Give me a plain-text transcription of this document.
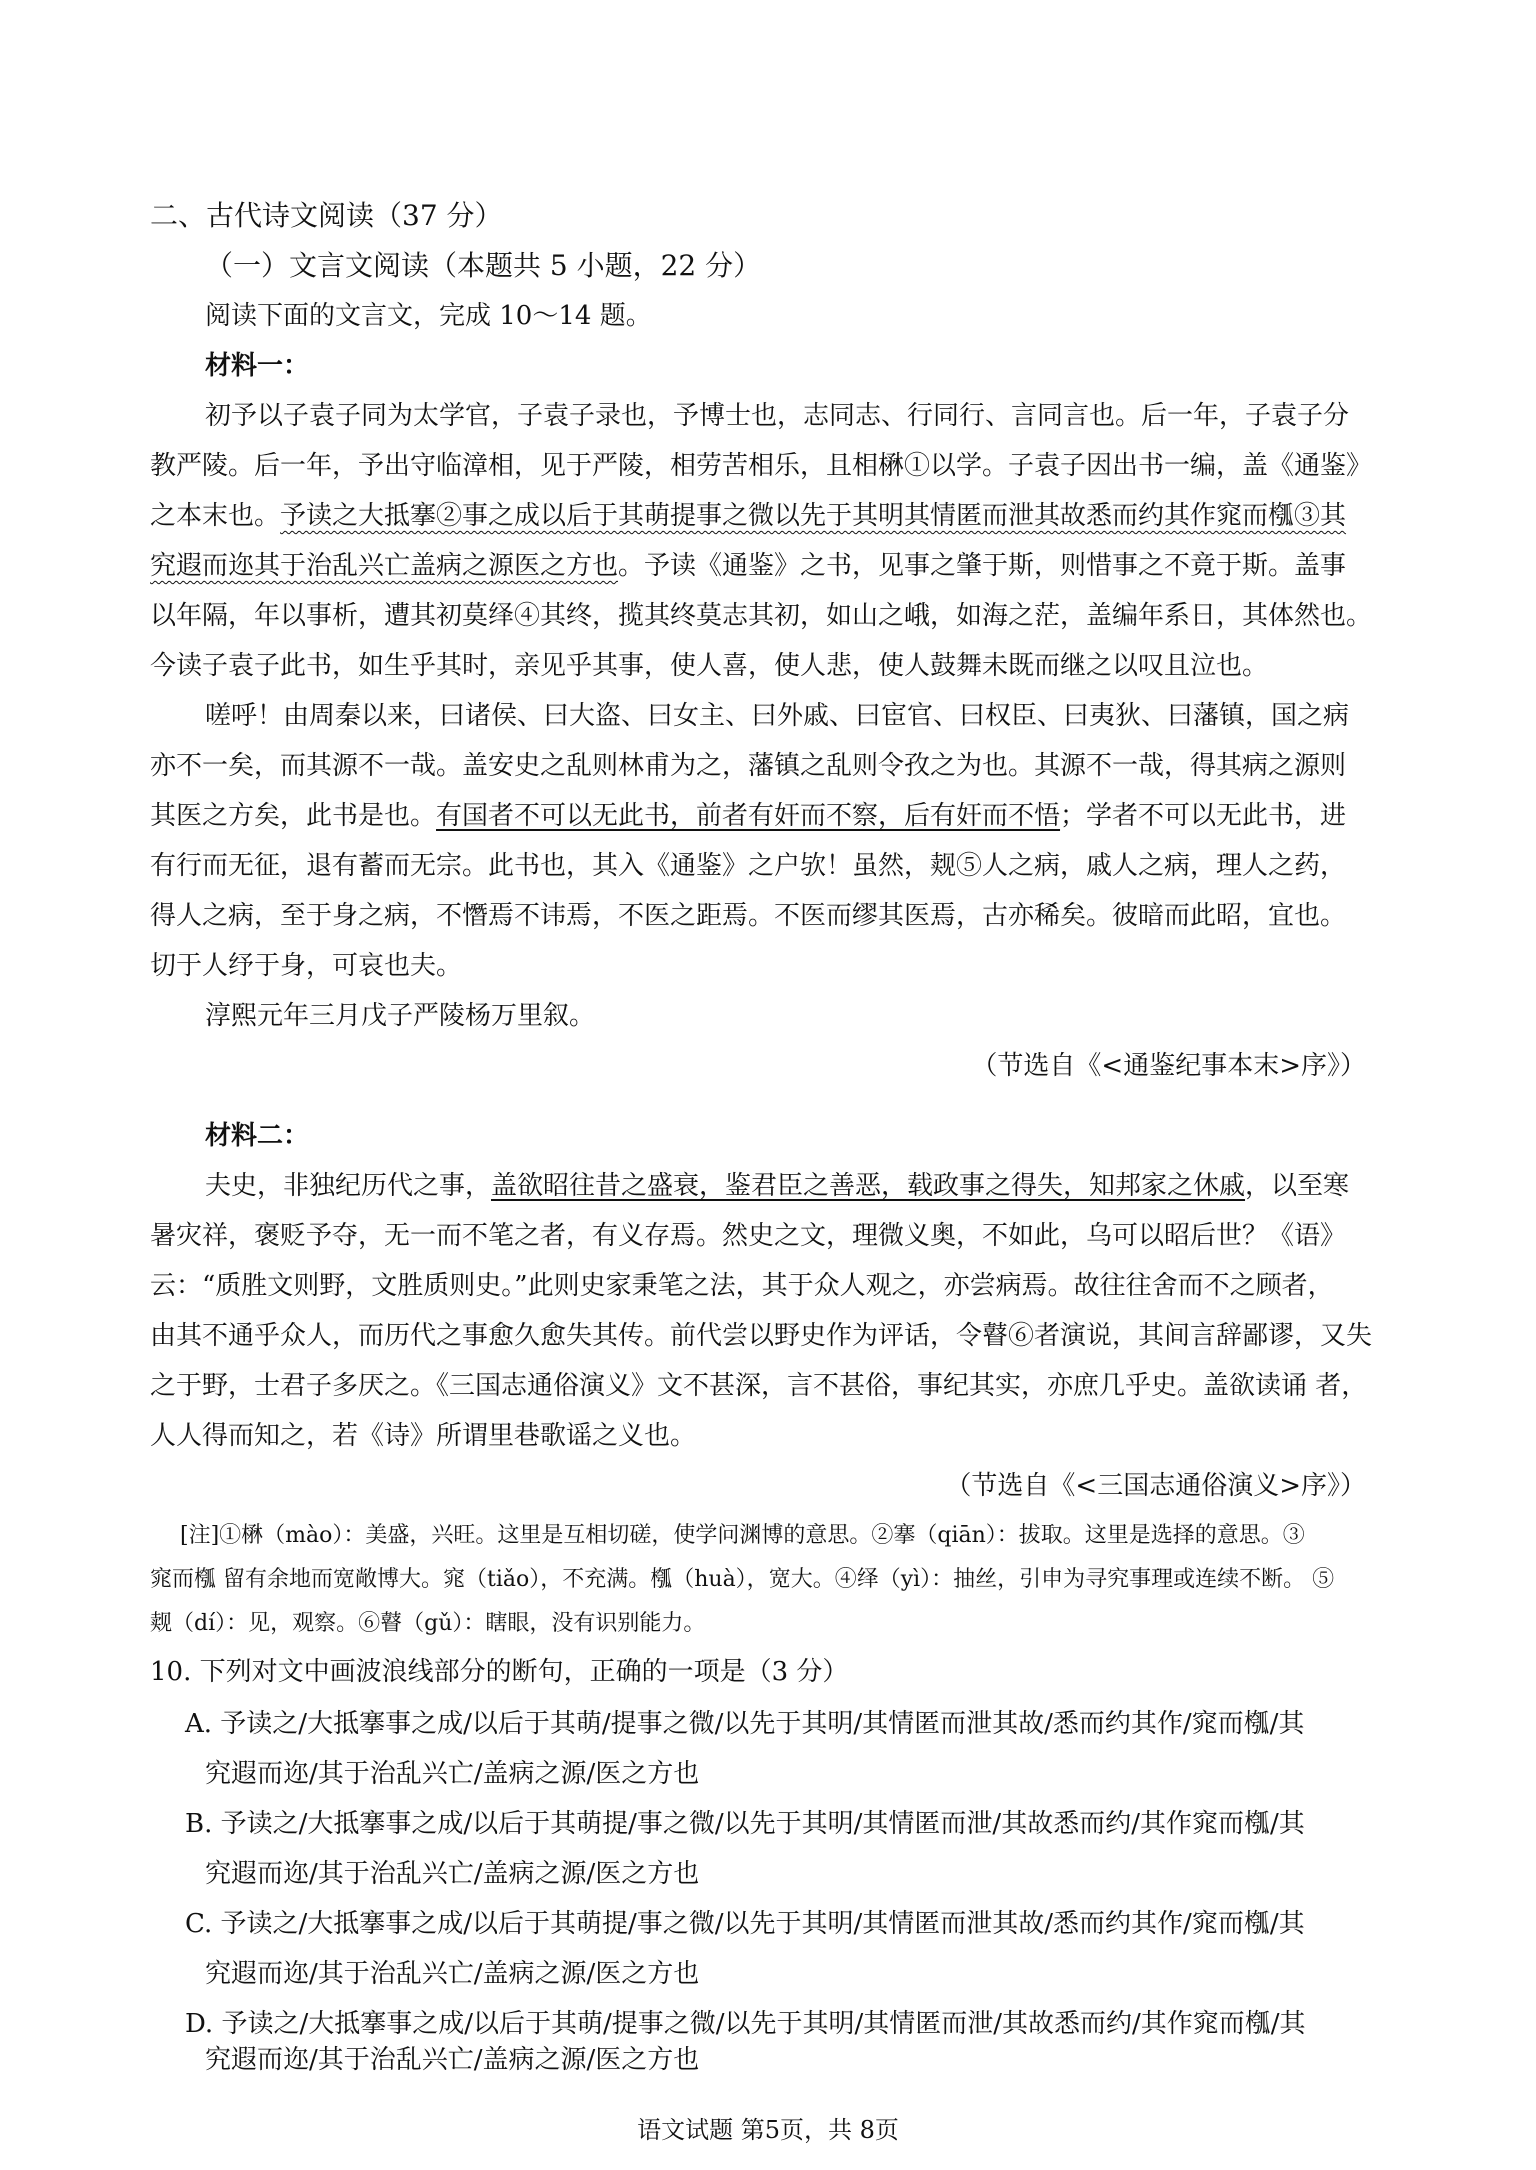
二、古代诗文阅读（37 分）
（一）文言文阅读（本题共 5 小题，22 分）
阅读下面的文言文，完成 10～14 题。
材料一：
初予以子袁子同为太学官，子袁子录也，予博士也，志同志、行同行、言同言也。后一年，子袁子分
教严陵。后一年，予出守临漳相，见于严陵，相劳苦相乐，且相楙①以学。子袁子因出书一编，盖《通鉴》
之本末也。予读之大抵搴②事之成以后于其萌提事之微以先于其明其情匿而泄其故悉而约其作窕而槬③其
究遐而迩其于治乱兴亡盖病之源医之方也。予读《通鉴》之书，见事之肇于斯，则惜事之不竟于斯。盖事
以年隔，年以事析，遭其初莫绎④其终，揽其终莫志其初，如山之峨，如海之茫，盖编年系日，其体然也。
今读子袁子此书，如生乎其时，亲见乎其事，使人喜，使人悲，使人鼓舞未既而继之以叹且泣也。
嗟呼！由周秦以来，曰诸侯、曰大盗、曰女主、曰外戚、曰宦官、曰权臣、曰夷狄、曰藩镇，国之病
亦不一矣，而其源不一哉。盖安史之乱则林甫为之，藩镇之乱则令孜之为也。其源不一哉，得其病之源则
其医之方矣，此书是也。有国者不可以无此书，前者有奸而不察，后有奸而不悟；学者不可以无此书，进
有行而无征，退有蓄而无宗。此书也，其入《通鉴》之户欤！虽然，觌⑤人之病，戚人之病，理人之药，
得人之病，至于身之病，不憯焉不讳焉，不医之距焉。不医而缪其医焉，古亦稀矣。彼暗而此昭，宜也。
切于人纾于身，可哀也夫。
淳熙元年三月戊子严陵杨万里叙。
（节选自《<通鉴纪事本末>序》）
材料二：
夫史，非独纪历代之事，盖欲昭往昔之盛衰，鉴君臣之善恶，载政事之得失，知邦家之休戚，以至寒
暑灾祥，褒贬予夺，无一而不笔之者，有义存焉。然史之文，理微义奥，不如此，乌可以昭后世？《语》
云：“质胜文则野，文胜质则史。”此则史家秉笔之法，其于众人观之，亦尝病焉。故往往舍而不之顾者，
由其不通乎众人，而历代之事愈久愈失其传。前代尝以野史作为评话，令瞽⑥者演说，其间言辞鄙谬，又失
之于野，士君子多厌之。《三国志通俗演义》文不甚深，言不甚俗，事纪其实，亦庶几乎史。盖欲读诵 者，
人人得而知之，若《诗》所谓里巷歌谣之义也。
（节选自《<三国志通俗演义>序》）
[注]①楙（mào）：美盛，兴旺。这里是互相切磋，使学问渊博的意思。②搴（qiān）：拔取。这里是选择的意思。③
窕而槬 留有余地而宽敞博大。窕（tiǎo），不充满。槬（huà），宽大。④绎（yì）：抽丝，引申为寻究事理或连续不断。 ⑤
觌（dí）：见，观察。⑥瞽（gǔ）：瞎眼，没有识别能力。
10. 下列对文中画波浪线部分的断句，正确的一项是（3 分）
A. 予读之/大抵搴事之成/以后于其萌/提事之微/以先于其明/其情匿而泄其故/悉而约其作/窕而槬/其
究遐而迩/其于治乱兴亡/盖病之源/医之方也
B. 予读之/大抵搴事之成/以后于其萌提/事之微/以先于其明/其情匿而泄/其故悉而约/其作窕而槬/其
究遐而迩/其于治乱兴亡/盖病之源/医之方也
C. 予读之/大抵搴事之成/以后于其萌提/事之微/以先于其明/其情匿而泄其故/悉而约其作/窕而槬/其
究遐而迩/其于治乱兴亡/盖病之源/医之方也
D. 予读之/大抵搴事之成/以后于其萌/提事之微/以先于其明/其情匿而泄/其故悉而约/其作窕而槬/其
究遐而迩/其于治乱兴亡/盖病之源/医之方也
语文试题 第5页，共 8页
